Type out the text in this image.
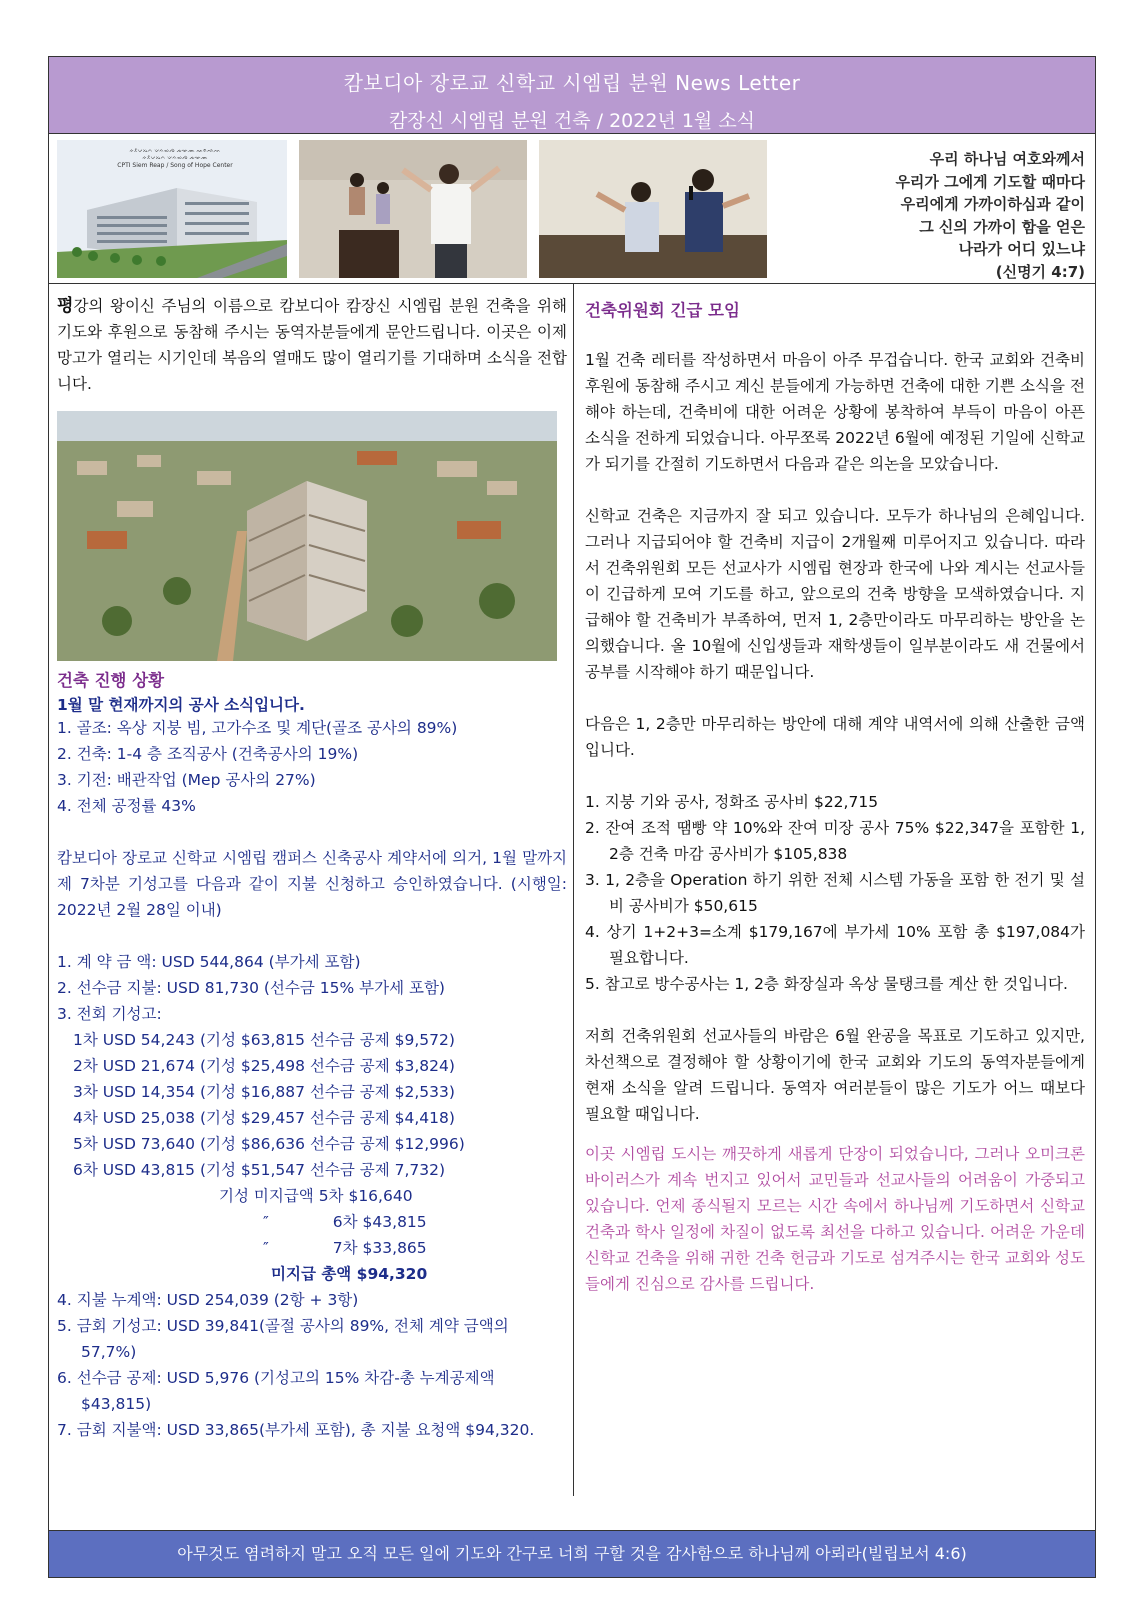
캄보디아 장로교 신학교 시엠립 분원 News Letter
캄장신 시엠립 분원 건축 / 2022년 1월 소식
ᨀᨅᨆᨇᨈ ᨉᨊᨋᨌ ᨍᨎᨏ ᨐᨑᨒᨓ
ᨀᨅᨆᨇᨈ ᨉᨊᨋᨌ ᨍᨎᨏ
CPTI Siem Reap / Song of Hope Center	우리 하나님 여호와께서
우리가 그에게 기도할 때마다
우리에게 가까이하심과 같이
그 신의 가까이 함을 얻은
나라가 어디 있느냐
(신명기 4:7)

평강의 왕이신 주님의 이름으로 캄보디아 캄장신 시엠립 분원 건축을 위해 기도와 후원으로 동참해 주시는 동역자분들에게 문안드립니다. 이곳은 이제 망고가 열리는 시기인데 복음의 열매도 많이 열리기를 기대하며 소식을 전합니다.

건축 진행 상황
1월 말 현재까지의 공사 소식입니다.
1. 골조: 옥상 지붕 빔, 고가수조 및 계단(골조 공사의 89%)
2. 건축: 1-4 층 조직공사 (건축공사의 19%)
3. 기전: 배관작업 (Mep 공사의 27%)
4. 전체 공정률 43%

캄보디아 장로교 신학교 시엠립 캠퍼스 신축공사 계약서에 의거, 1월 말까지 제 7차분 기성고를 다음과 같이 지불 신청하고 승인하였습니다. (시행일: 2022년 2월 28일 이내)

1. 계 약 금 액: USD 544,864 (부가세 포함)
2. 선수금 지불: USD 81,730 (선수금 15% 부가세 포함)
3. 전회 기성고:
1차 USD 54,243 (기성 $63,815 선수금 공제 $9,572)
2차 USD 21,674 (기성 $25,498 선수금 공제 $3,824)
3차 USD 14,354 (기성 $16,887 선수금 공제 $2,533)
4차 USD 25,038 (기성 $29,457 선수금 공제 $4,418)
5차 USD 73,640 (기성 $86,636 선수금 공제 $12,996)
6차 USD 43,815 (기성 $51,547 선수금 공제 7,732)
기성 미지급액 5차 $16,640
″	6차 $43,815
″	7차 $33,865
미지급 총액 $94,320
4. 지불 누계액: USD 254,039 (2항 + 3항)
5. 금회 기성고: USD 39,841(골절 공사의 89%, 전체 계약 금액의 57,7%)
6. 선수금 공제: USD 5,976 (기성고의 15% 차감-총 누계공제액 $43,815)
7. 금회 지불액: USD 33,865(부가세 포함), 총 지불 요청액 $94,320.
건축위원회 긴급 모임

1월 건축 레터를 작성하면서 마음이 아주 무겁습니다. 한국 교회와 건축비 후원에 동참해 주시고 계신 분들에게 가능하면 건축에 대한 기쁜 소식을 전해야 하는데, 건축비에 대한 어려운 상황에 봉착하여 부득이 마음이 아픈 소식을 전하게 되었습니다. 아무쪼록 2022년 6월에 예정된 기일에 신학교가 되기를 간절히 기도하면서 다음과 같은 의논을 모았습니다.

신학교 건축은 지금까지 잘 되고 있습니다. 모두가 하나님의 은혜입니다. 그러나 지급되어야 할 건축비 지급이 2개월째 미루어지고 있습니다. 따라서 건축위원회 모든 선교사가 시엠립 현장과 한국에 나와 계시는 선교사들이 긴급하게 모여 기도를 하고, 앞으로의 건축 방향을 모색하였습니다. 지급해야 할 건축비가 부족하여, 먼저 1, 2층만이라도 마무리하는 방안을 논의했습니다. 올 10월에 신입생들과 재학생들이 일부분이라도 새 건물에서 공부를 시작해야 하기 때문입니다.

다음은 1, 2층만 마무리하는 방안에 대해 계약 내역서에 의해 산출한 금액입니다.

1. 지붕 기와 공사, 정화조 공사비 $22,715
2. 잔여 조적 땜빵 약 10%와 잔여 미장 공사 75% $22,347을 포함한 1, 2층 건축 마감 공사비가 $105,838
3. 1, 2층을 Operation 하기 위한 전체 시스템 가동을 포함 한 전기 및 설비 공사비가 $50,615
4. 상기 1+2+3=소계 $179,167에 부가세 10% 포함 총 $197,084가 필요합니다.
5. 참고로 방수공사는 1, 2층 화장실과 옥상 물탱크를 계산 한 것입니다.

저희 건축위원회 선교사들의 바람은 6월 완공을 목표로 기도하고 있지만, 차선책으로 결정해야 할 상황이기에 한국 교회와 기도의 동역자분들에게 현재 소식을 알려 드립니다. 동역자 여러분들이 많은 기도가 어느 때보다 필요할 때입니다.

이곳 시엠립 도시는 깨끗하게 새롭게 단장이 되었습니다, 그러나 오미크론 바이러스가 계속 번지고 있어서 교민들과 선교사들의 어려움이 가중되고 있습니다. 언제 종식될지 모르는 시간 속에서 하나님께 기도하면서 신학교 건축과 학사 일정에 차질이 없도록 최선을 다하고 있습니다. 어려운 가운데 신학교 건축을 위해 귀한 건축 헌금과 기도로 섬겨주시는 한국 교회와 성도들에게 진심으로 감사를 드립니다.

아무것도 염려하지 말고 오직 모든 일에 기도와 간구로 너희 구할 것을 감사함으로 하나님께 아뢰라(빌립보서 4:6)
